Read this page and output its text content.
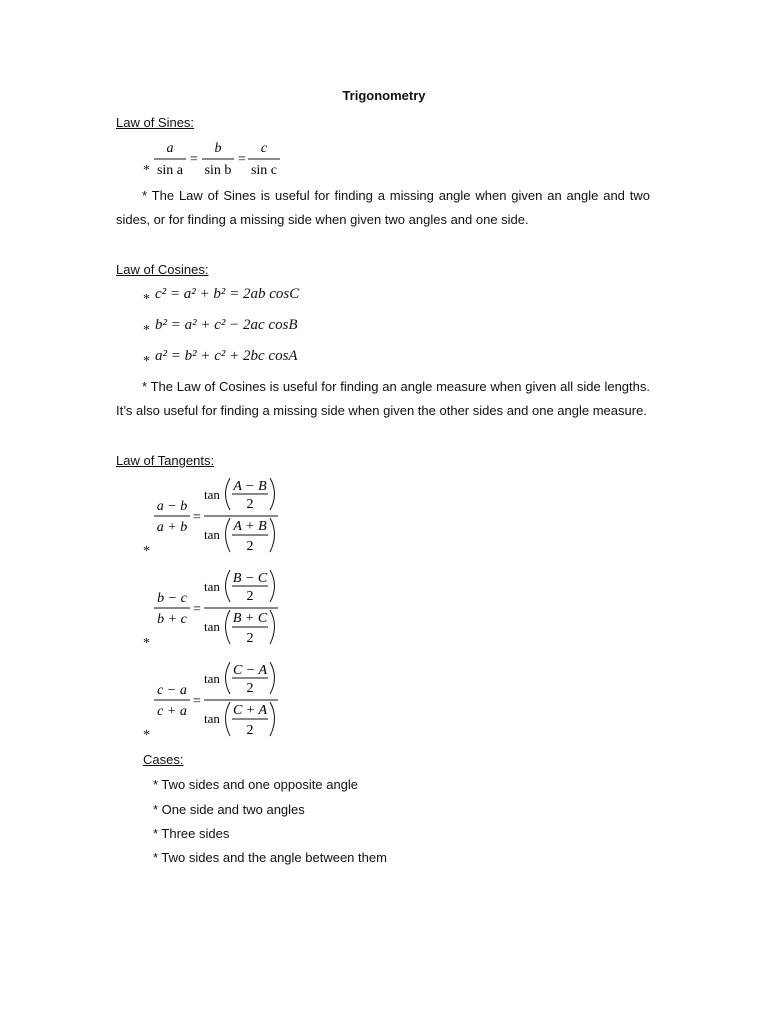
Trigonometry
Law of Sines:
*
a
sin a
=
b
sin b
=
c
sin c
* The Law of Sines is useful for finding a missing angle when given an angle and two sides, or for finding a missing side when given two angles and one side.
Law of Cosines:
* c² = a² + b² = 2ab cosC
* b² = a² + c² − 2ac cosB
* a² = b² + c² + 2bc cosA
* The Law of Cosines is useful for finding an angle measure when given all side lengths. It’s also useful for finding a missing side when given the other sides and one angle measure.
Law of Tangents:
*
a − b
a + b
=
tan
A − B
2
tan
A + B
2
*
b − c
b + c
=
tan
B − C
2
tan
B + C
2
*
c − a
c + a
=
tan
C − A
2
tan
C + A
2
Cases:
* Two sides and one opposite angle
* One side and two angles
* Three sides
* Two sides and the angle between them
